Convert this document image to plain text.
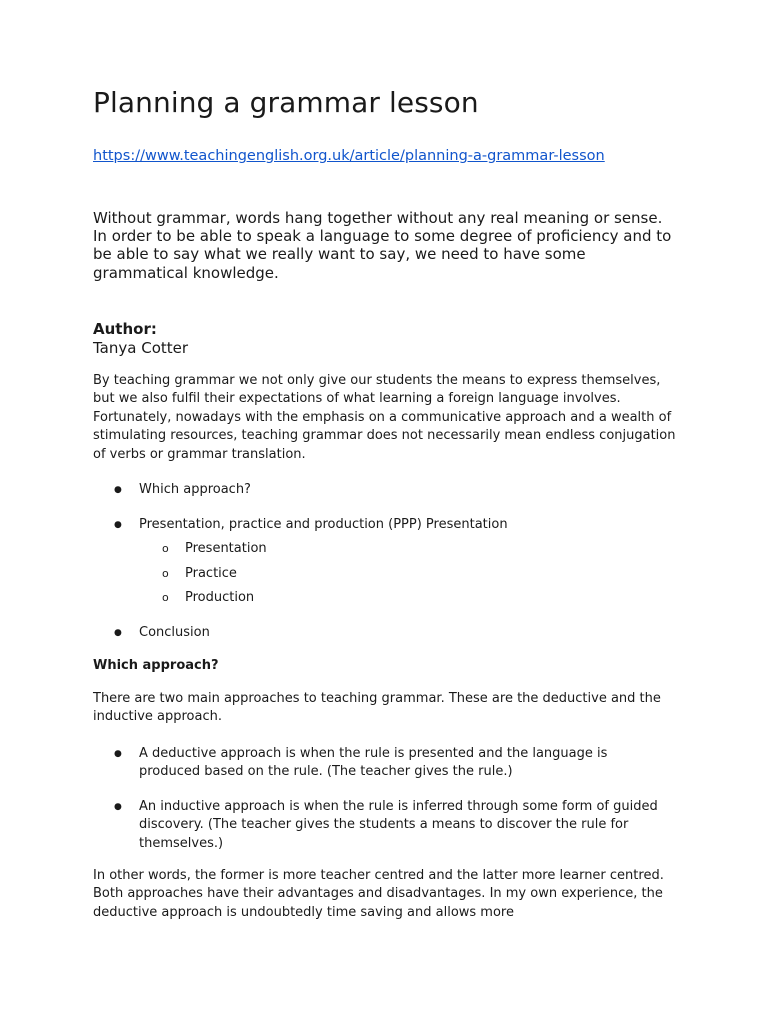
Planning a grammar lesson
https://www.teachingenglish.org.uk/article/planning-a-grammar-lesson

Without grammar, words hang together without any real meaning or sense. In order to be able to speak a language to some degree of proficiency and to be able to say what we really want to say, we need to have some grammatical knowledge.

Author:
Tanya Cotter

By teaching grammar we not only give our students the means to express themselves, but we also fulfil their expectations of what learning a foreign language involves. Fortunately, nowadays with the emphasis on a communicative approach and a wealth of stimulating resources, teaching grammar does not necessarily mean endless conjugation of verbs or grammar translation.

● Which approach?
● Presentation, practice and production (PPP) Presentation
o Presentation
o Practice
o Production
● Conclusion
Which approach?

There are two main approaches to teaching grammar. These are the deductive and the inductive approach.

● A deductive approach is when the rule is presented and the language is produced based on the rule. (The teacher gives the rule.)
● An inductive approach is when the rule is inferred through some form of guided discovery. (The teacher gives the students a means to discover the rule for themselves.)

In other words, the former is more teacher centred and the latter more learner centred. Both approaches have their advantages and disadvantages. In my own experience, the deductive approach is undoubtedly time saving and allows more
